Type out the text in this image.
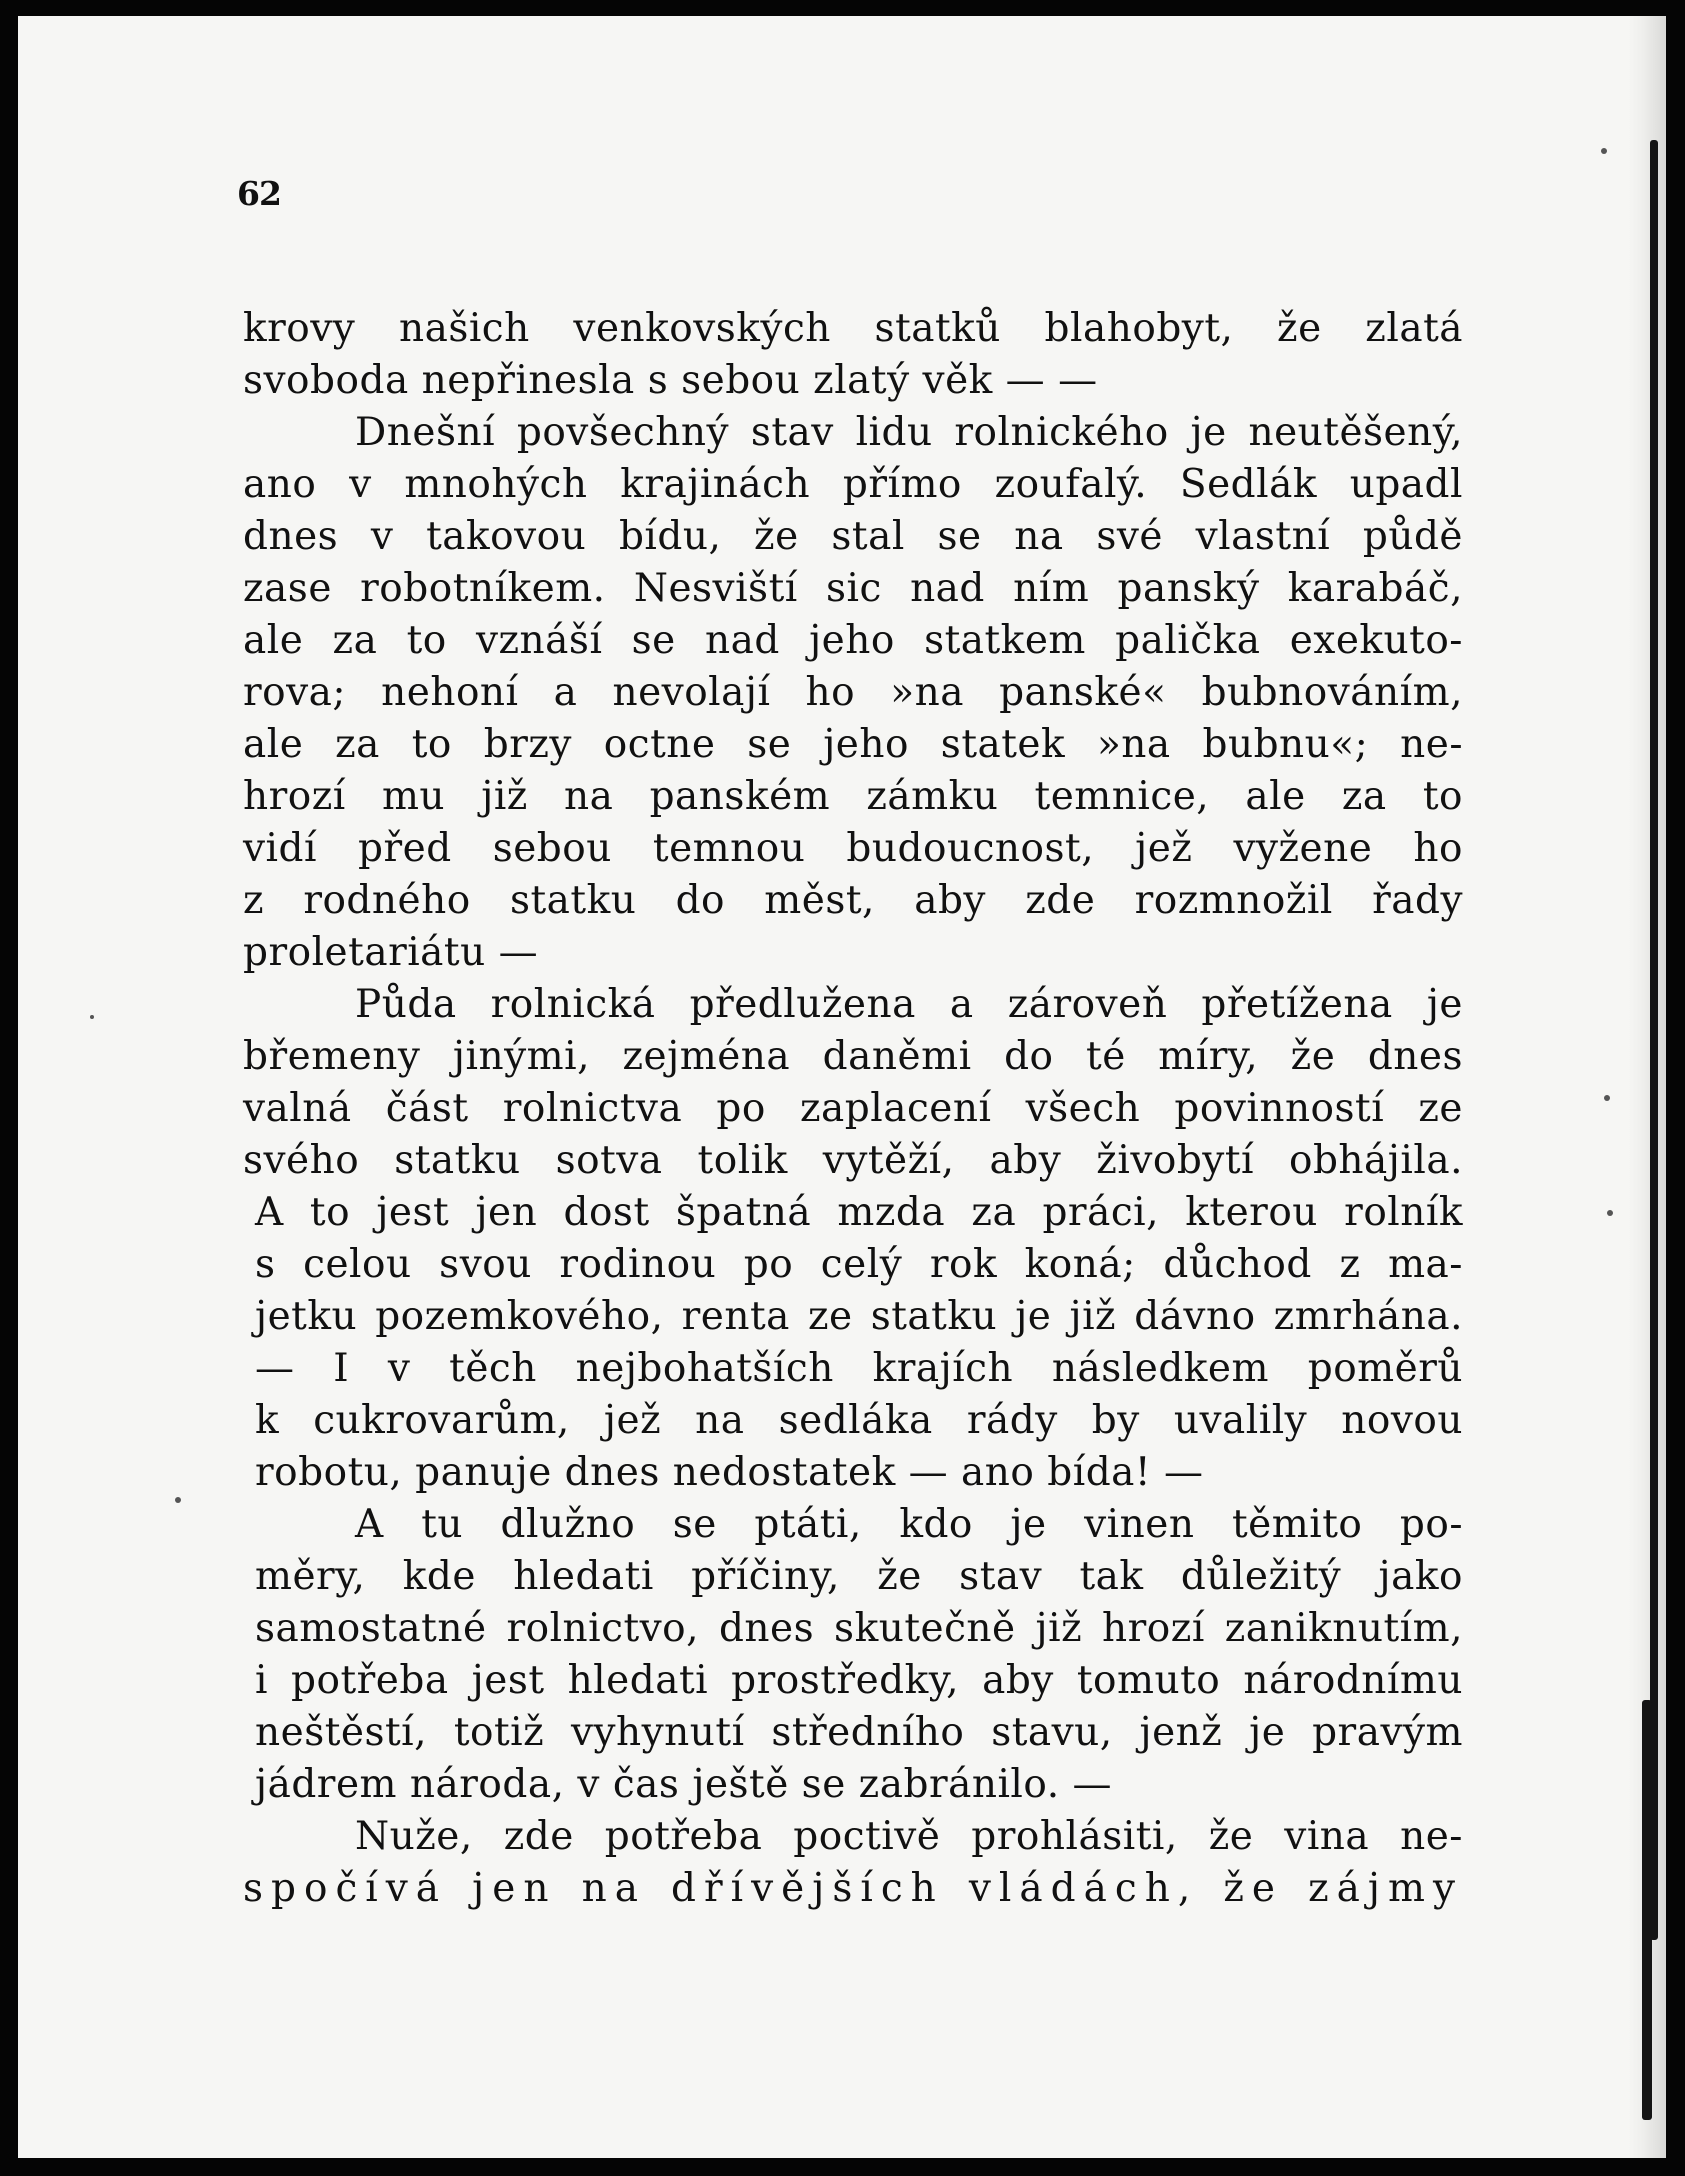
62
krovy našich venkovských statků blahobyt, že zlatá
svoboda nepřinesla s sebou zlatý věk — —
Dnešní povšechný stav lidu rolnického je neutěšený,
ano v mnohých krajinách přímo zoufalý. Sedlák upadl
dnes v takovou bídu, že stal se na své vlastní půdě
zase robotníkem. Nesviští sic nad ním panský karabáč,
ale za to vznáší se nad jeho statkem palička exekuto-
rova; nehoní a nevolají ho »na panské« bubnováním,
ale za to brzy octne se jeho statek »na bubnu«; ne-
hrozí mu již na panském zámku temnice, ale za to
vidí před sebou temnou budoucnost, jež vyžene ho
z rodného statku do měst, aby zde rozmnožil řady
proletariátu —
Půda rolnická předlužena a zároveň přetížena je
břemeny jinými, zejména daněmi do té míry, že dnes
valná část rolnictva po zaplacení všech povinností ze
svého statku sotva tolik vytěží, aby živobytí obhájila.
A to jest jen dost špatná mzda za práci, kterou rolník
s celou svou rodinou po celý rok koná; důchod z ma-
jetku pozemkového, renta ze statku je již dávno zmrhána.
— I v těch nejbohatších krajích následkem poměrů
k cukrovarům, jež na sedláka rády by uvalily novou
robotu, panuje dnes nedostatek — ano bída! —
A tu dlužno se ptáti, kdo je vinen těmito po-
měry, kde hledati příčiny, že stav tak důležitý jako
samostatné rolnictvo, dnes skutečně již hrozí zaniknutím,
i potřeba jest hledati prostředky, aby tomuto národnímu
neštěstí, totiž vyhynutí středního stavu, jenž je pravým
jádrem národa, v čas ještě se zabránilo. —
Nuže, zde potřeba poctivě prohlásiti, že vina ne-
spočívá jen na dřívějších vládách, že zájmy
